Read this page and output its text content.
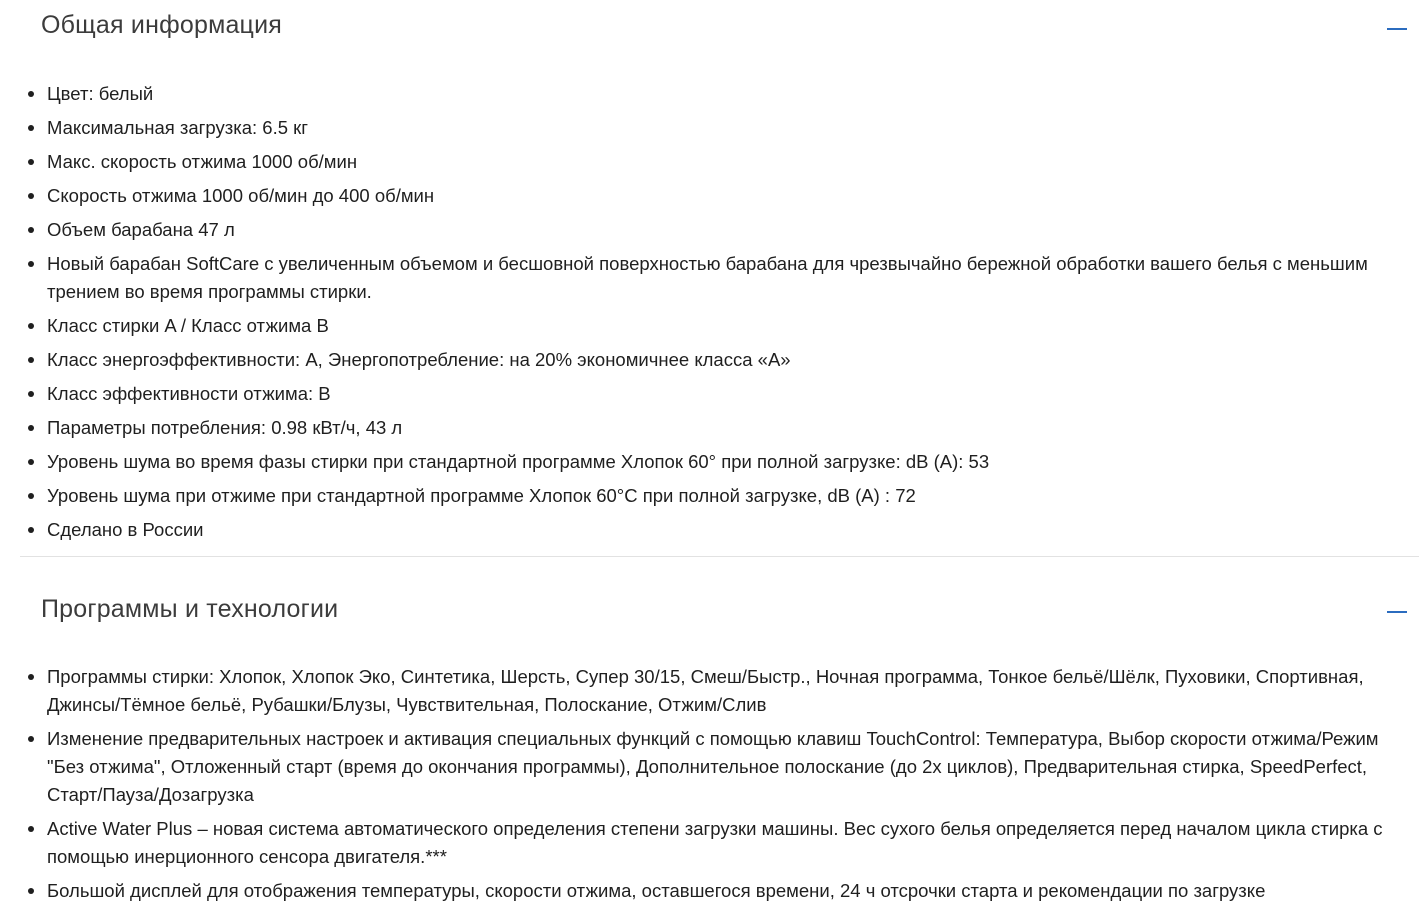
Общая информация
Цвет: белый
Максимальная загрузка: 6.5 кг
Макс. скорость отжима 1000 об/мин
Скорость отжима 1000 об/мин до 400 об/мин
Объем барабана 47 л
Новый барабан SoftCare с увеличенным объемом и бесшовной поверхностью барабана для чрезвычайно бережной обработки вашего белья с меньшим трением во время программы стирки.
Класс стирки A / Класс отжима B
Класс энергоэффективности: А, Энергопотребление: на 20% экономичнее класса «А»
Класс эффективности отжима: B
Параметры потребления: 0.98 кВт/ч, 43 л
Уровень шума во время фазы стирки при стандартной программе Хлопок 60° при полной загрузке: dB (A): 53
Уровень шума при отжиме при стандартной программе Хлопок 60°C при полной загрузке, dB (A) : 72
Сделано в России
Программы и технологии
Программы стирки: Хлопок, Хлопок Эко, Синтетика, Шерсть, Супер 30/15, Смеш/Быстр., Ночная программа, Тонкое бельё/Шёлк, Пуховики, Спортивная, Джинсы/Тёмное бельё, Рубашки/Блузы, Чувствительная, Полоскание, Отжим/Слив
Изменение предварительных настроек и активация специальных функций с помощью клавиш TouchControl: Температура, Выбор скорости отжима/Режим "Без отжима", Отложенный старт (время до окончания программы), Дополнительное полоскание (до 2х циклов), Предварительная стирка, SpeedPerfect, Старт/Пауза/Дозагрузка
Active Water Plus – новая система автоматического определения степени загрузки машины. Вес сухого белья определяется перед началом цикла стирка с помощью инерционного сенсора двигателя.***
Большой дисплей для отображения температуры, скорости отжима, оставшегося времени, 24 ч отсрочки старта и рекомендации по загрузке
